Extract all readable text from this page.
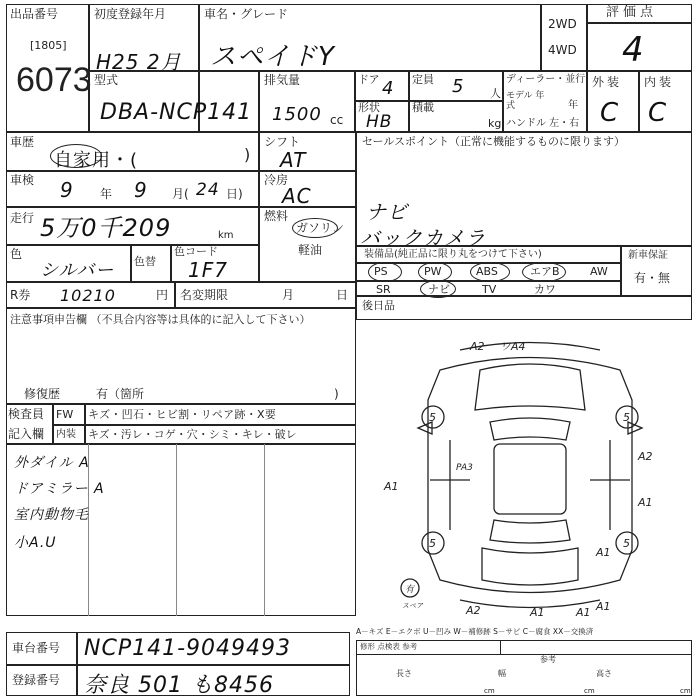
出品番号
[1805]
6073
初度登録年月
H25 2月
車名・グレード
スペイドY
2WD
4WD
評価点
4
型式
DBA-NCP141
排気量
1500 cc
ドア 4 定員 5 人
形状
HB
積載
kg
ディーラー・並行
モデル 年式	年
ハンドル 左・右
外装 内装
C C
車歴
自家用・(	)
シフト
AT
車検 9 年 9 月( 24 日)
冷房
AC
走行 5万0千209	km
燃料
ガソリン
軽油
色
シルバー 色替
色コード
1F7
R券 10210	円 名変期限	月	日
セールスポイント（正常に機能するものに限ります）
ナビ
バックカメラ
装備品(純正品に限り丸をつけて下さい)	新車保証
有・無
PS	PW	ABS	エアB	AW
SR	ナビ	TV	カワ
後日品
注意事項申告欄 （不具合内容等は具体的に記入して下さい）
修復歴	有（箇所	)
検査員
記入欄
FW キズ・凹石・ヒビ割・リペア跡・X要
内装 キズ・汚レ・コゲ・穴・シミ・キレ・破レ
外ダイル A
ドアミラー A
室内動物毛
小A.U
A2 ワA4
5	5
A1
A2
A1
5	5
A1
A1
A2	A1	A1
PA3
有
スペア
A－キズ E－エクボ U－凹み W－補修跡 S－サビ C－腐食 XX－交換済
修形 点検表 参考
参考
長さ	幅	高さ
cm	cm	cm
車台番号 NCP141-9049493
登録番号 奈良 501 も8456
